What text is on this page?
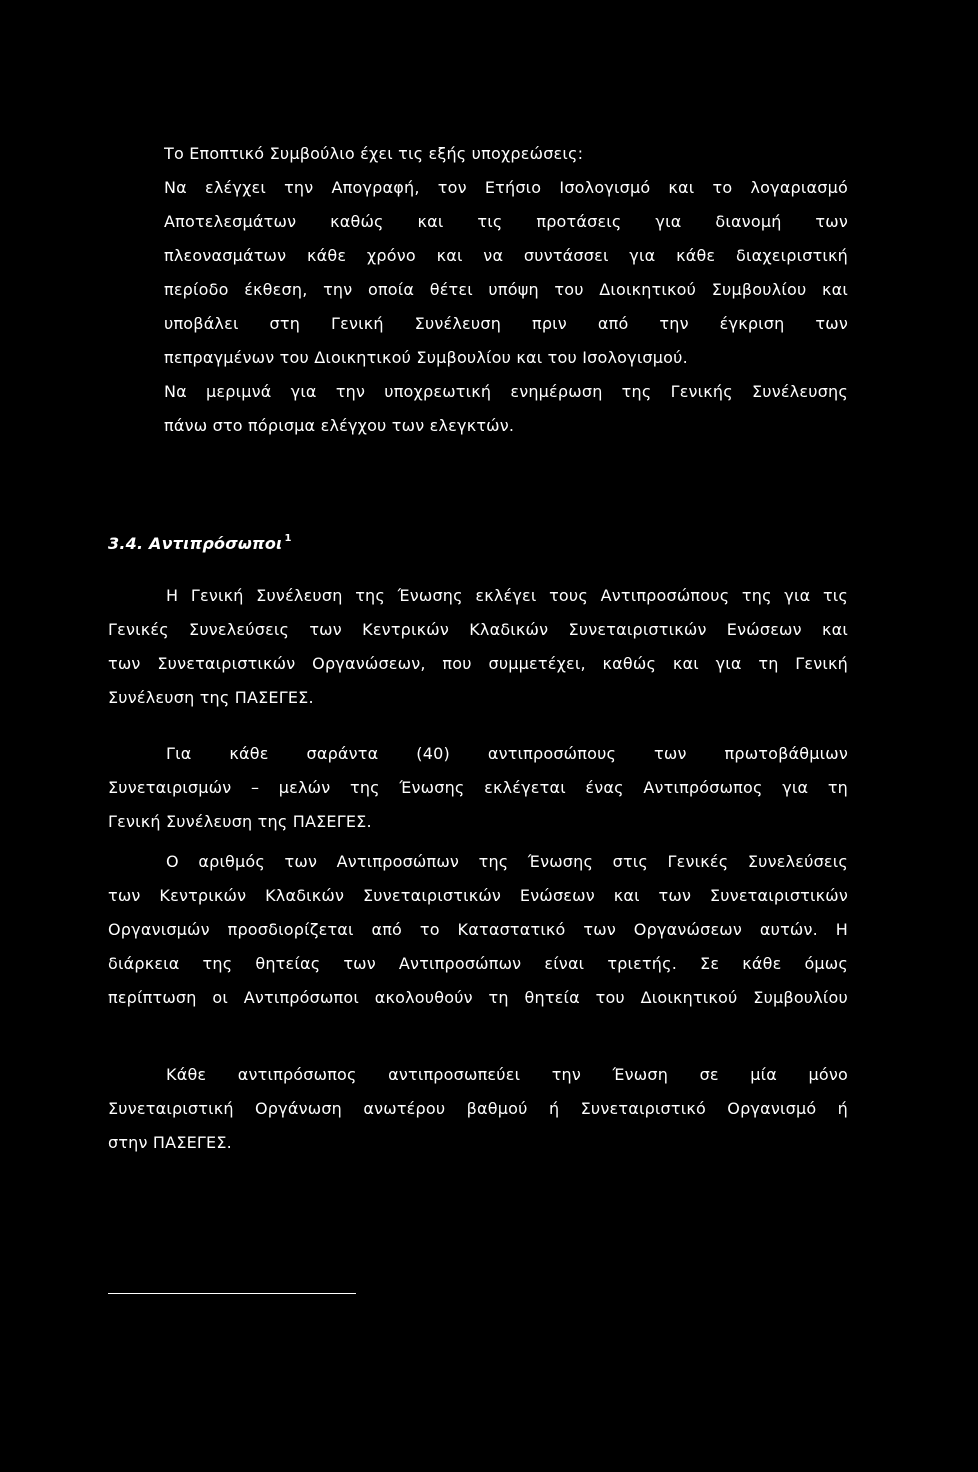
Το Εποπτικό Συμβούλιο έχει τις εξής υποχρεώσεις:
Να ελέγχει την Απογραφή, τον Ετήσιο Ισολογισμό και το λογαριασμό
Αποτελεσμάτων καθώς και τις προτάσεις για διανομή των
πλεονασμάτων κάθε χρόνο και να συντάσσει για κάθε διαχειριστική
περίοδο έκθεση, την οποία θέτει υπόψη του Διοικητικού Συμβουλίου και
υποβάλει στη Γενική Συνέλευση πριν από την έγκριση των
πεπραγμένων του Διοικητικού Συμβουλίου και του Ισολογισμού.
Να μεριμνά για την υποχρεωτική ενημέρωση της Γενικής Συνέλευσης
πάνω στο πόρισμα ελέγχου των ελεγκτών.
3.4. Αντιπρόσωποι $^1$
Η Γενική Συνέλευση της Ένωσης εκλέγει τους Αντιπροσώπους της για τις
Γενικές Συνελεύσεις των Κεντρικών Κλαδικών Συνεταιριστικών Ενώσεων και
των Συνεταιριστικών Οργανώσεων, που συμμετέχει, καθώς και για τη Γενική
Συνέλευση της ΠΑΣΕΓΕΣ.
Για κάθε σαράντα (40) αντιπροσώπους των πρωτοβάθμιων
Συνεταιρισμών – μελών της Ένωσης εκλέγεται ένας Αντιπρόσωπος για τη
Γενική Συνέλευση της ΠΑΣΕΓΕΣ.
Ο αριθμός των Αντιπροσώπων της Ένωσης στις Γενικές Συνελεύσεις
των Κεντρικών Κλαδικών Συνεταιριστικών Ενώσεων και των Συνεταιριστικών
Οργανισμών προσδιορίζεται από το Καταστατικό των Οργανώσεων αυτών. Η
διάρκεια της θητείας των Αντιπροσώπων είναι τριετής. Σε κάθε όμως
περίπτωση οι Αντιπρόσωποι ακολουθούν τη θητεία του Διοικητικού Συμβουλίου
Κάθε αντιπρόσωπος αντιπροσωπεύει την Ένωση σε μία μόνο
Συνεταιριστική Οργάνωση ανωτέρου βαθμού ή Συνεταιριστικό Οργανισμό ή
στην ΠΑΣΕΓΕΣ.
